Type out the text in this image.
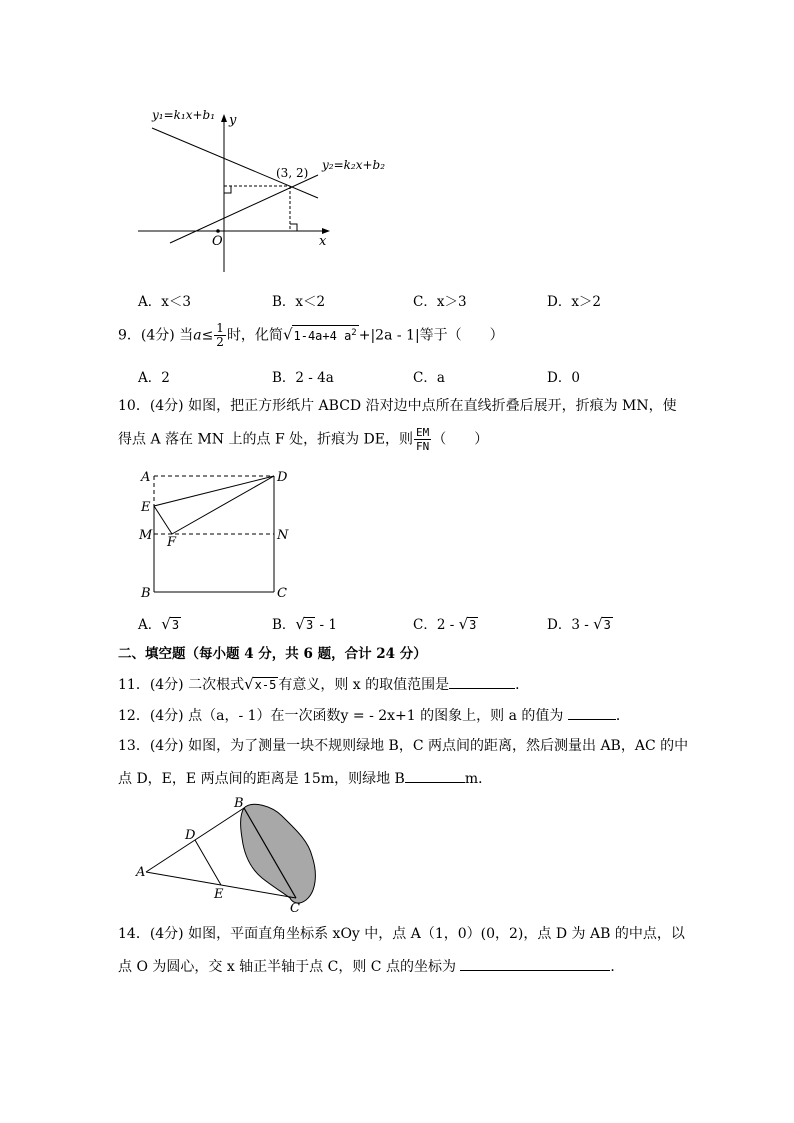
y₁=k₁x+b₁
y₂=k₂x+b₂
(3, 2)
y
x
O
A．x＜3	B．x＜2	C．x＞3	D．x＞2
9．(4分) 当$a\le \frac{1}{2}$ 时，化简√1-4a+4 $a^2 +|2a - 1|$等于（　　）
A．2	B．2 - 4a	C．a	D．0
10．(4分) 如图，把正方形纸片 ABCD 沿对边中点所在直线折叠后展开，折痕为 MN，使
得点 A 落在 MN 上的点 F 处，折痕为 DE，则 $\frac{EM}{FN}$ （　　）
A	D
E
M	N
F
B	C
A．√3	B．√3 - 1	C．2 - √3	D．3 - √3
二、填空题（每小题 4 分，共 6 题，合计 24 分）
11．(4分) 二次根式√x-5 有意义，则 x 的取值范围是	．
12．(4分) 点（a，- 1）在一次函数y = - 2x+1 的图象上，则 a 的值为	．
13．(4分) 如图，为了测量一块不规则绿地 B，C 两点间的距离，然后测量出 AB，AC 的中
点 D，E，E 两点间的距离是 15m，则绿地 B	m．
A
B
C
D
E
14．(4分) 如图，平面直角坐标系 xOy 中，点 A（1，0）(0，2)，点 D 为 AB 的中点，以
点 O 为圆心，交 x 轴正半轴于点 C，则 C 点的坐标为	．
